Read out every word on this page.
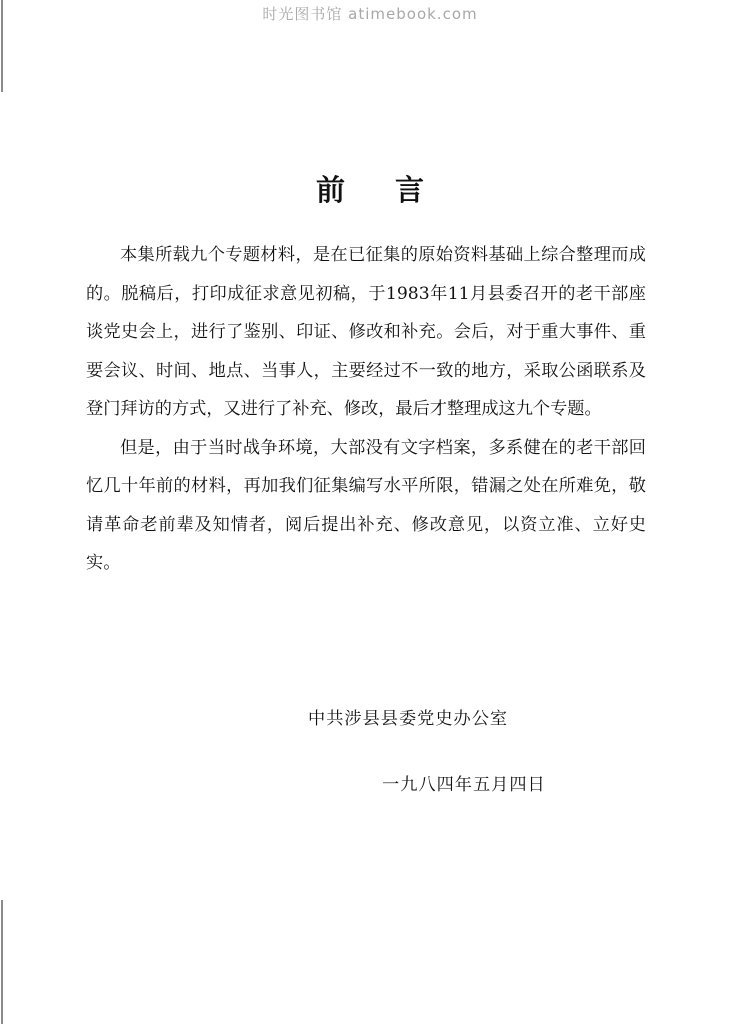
时光图书馆 atimebook.com
前言

本集所载九个专题材料，是在已征集的原始资料基础上综合整理而成的。脱稿后，打印成征求意见初稿，于1983年11月县委召开的老干部座谈党史会上，进行了鉴别、印证、修改和补充。会后，对于重大事件、重要会议、时间、地点、当事人，主要经过不一致的地方，采取公函联系及登门拜访的方式，又进行了补充、修改，最后才整理成这九个专题。

但是，由于当时战争环境，大部没有文字档案，多系健在的老干部回忆几十年前的材料，再加我们征集编写水平所限，错漏之处在所难免，敬请革命老前辈及知情者，阅后提出补充、修改意见，以资立准、立好史实。

中共涉县县委党史办公室
一九八四年五月四日
